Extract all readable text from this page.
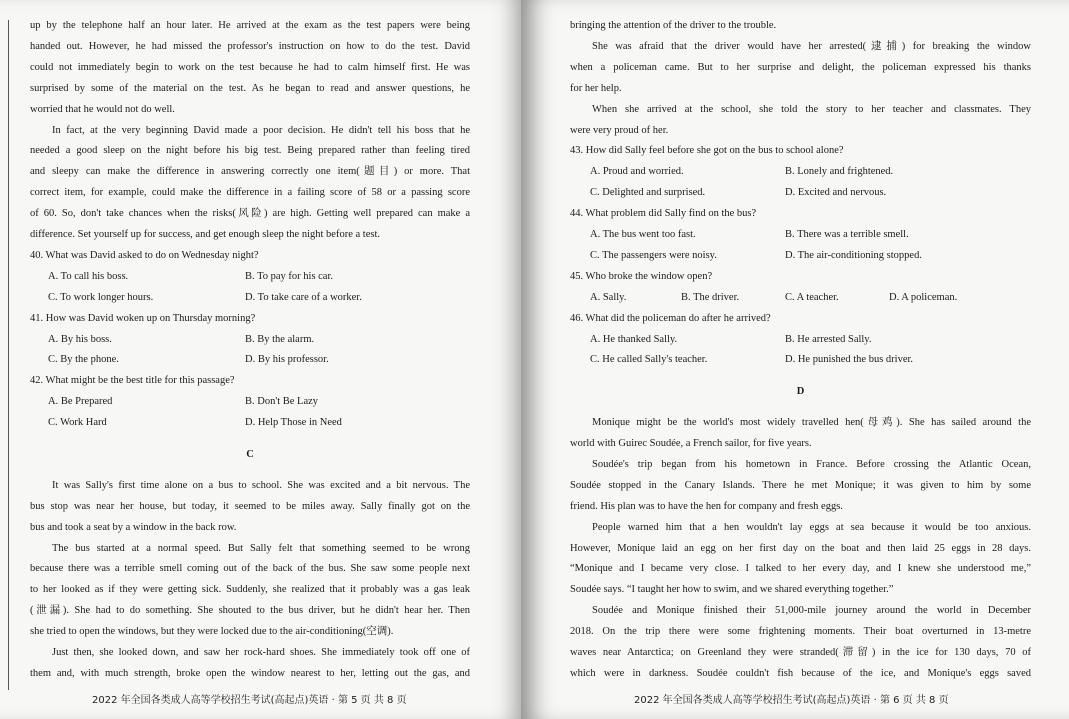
up by the telephone half an hour later. He arrived at the exam as the test papers were being

handed out. However, he had missed the professor's instruction on how to do the test. David

could not immediately begin to work on the test because he had to calm himself first. He was

surprised by some of the material on the test. As he began to read and answer questions, he

worried that he would not do well.

In fact, at the very beginning David made a poor decision. He didn't tell his boss that he

needed a good sleep on the night before his big test. Being prepared rather than feeling tired

and sleepy can make the difference in answering correctly one item(题目) or more. That

correct item, for example, could make the difference in a failing score of 58 or a passing score

of 60. So, don't take chances when the risks(风险) are high. Getting well prepared can make a

difference. Set yourself up for success, and get enough sleep the night before a test.

40. What was David asked to do on Wednesday night?
A. To call his boss.	B. To pay for his car.
C. To work longer hours.	D. To take care of a worker.
41. How was David woken up on Thursday morning?
A. By his boss.	B. By the alarm.
C. By the phone.	D. By his professor.
42. What might be the best title for this passage?
A. Be Prepared	B. Don't Be Lazy
C. Work Hard	D. Help Those in Need
C

It was Sally's first time alone on a bus to school. She was excited and a bit nervous. The

bus stop was near her house, but today, it seemed to be miles away. Sally finally got on the

bus and took a seat by a window in the back row.

The bus started at a normal speed. But Sally felt that something seemed to be wrong

because there was a terrible smell coming out of the back of the bus. She saw some people next

to her looked as if they were getting sick. Suddenly, she realized that it probably was a gas leak

(泄漏). She had to do something. She shouted to the bus driver, but he didn't hear her. Then

she tried to open the windows, but they were locked due to the air-conditioning(空调).

Just then, she looked down, and saw her rock-hard shoes. She immediately took off one of

them and, with much strength, broke open the window nearest to her, letting out the gas, and

2022 年全国各类成人高等学校招生考试(高起点)英语 · 第 5 页 共 8 页

bringing the attention of the driver to the trouble.

She was afraid that the driver would have her arrested(逮捕) for breaking the window

when a policeman came. But to her surprise and delight, the policeman expressed his thanks

for her help.

When she arrived at the school, she told the story to her teacher and classmates. They

were very proud of her.

43. How did Sally feel before she got on the bus to school alone?
A. Proud and worried.	B. Lonely and frightened.
C. Delighted and surprised.	D. Excited and nervous.
44. What problem did Sally find on the bus?
A. The bus went too fast.	B. There was a terrible smell.
C. The passengers were noisy.	D. The air-conditioning stopped.
45. Who broke the window open?
A. Sally.	B. The driver.	C. A teacher.	D. A policeman.
46. What did the policeman do after he arrived?
A. He thanked Sally.	B. He arrested Sally.
C. He called Sally's teacher.	D. He punished the bus driver.
D

Monique might be the world's most widely travelled hen(母鸡). She has sailed around the

world with Guirec Soudée, a French sailor, for five years.

Soudée's trip began from his hometown in France. Before crossing the Atlantic Ocean,

Soudée stopped in the Canary Islands. There he met Monique; it was given to him by some

friend. His plan was to have the hen for company and fresh eggs.

People warned him that a hen wouldn't lay eggs at sea because it would be too anxious.

However, Monique laid an egg on her first day on the boat and then laid 25 eggs in 28 days.

“Monique and I became very close. I talked to her every day, and I knew she understood me,”

Soudée says. “I taught her how to swim, and we shared everything together.”

Soudée and Monique finished their 51,000-mile journey around the world in December

2018. On the trip there were some frightening moments. Their boat overturned in 13-metre

waves near Antarctica; on Greenland they were stranded(滞留) in the ice for 130 days, 70 of

which were in darkness. Soudée couldn't fish because of the ice, and Monique's eggs saved

2022 年全国各类成人高等学校招生考试(高起点)英语 · 第 6 页 共 8 页
